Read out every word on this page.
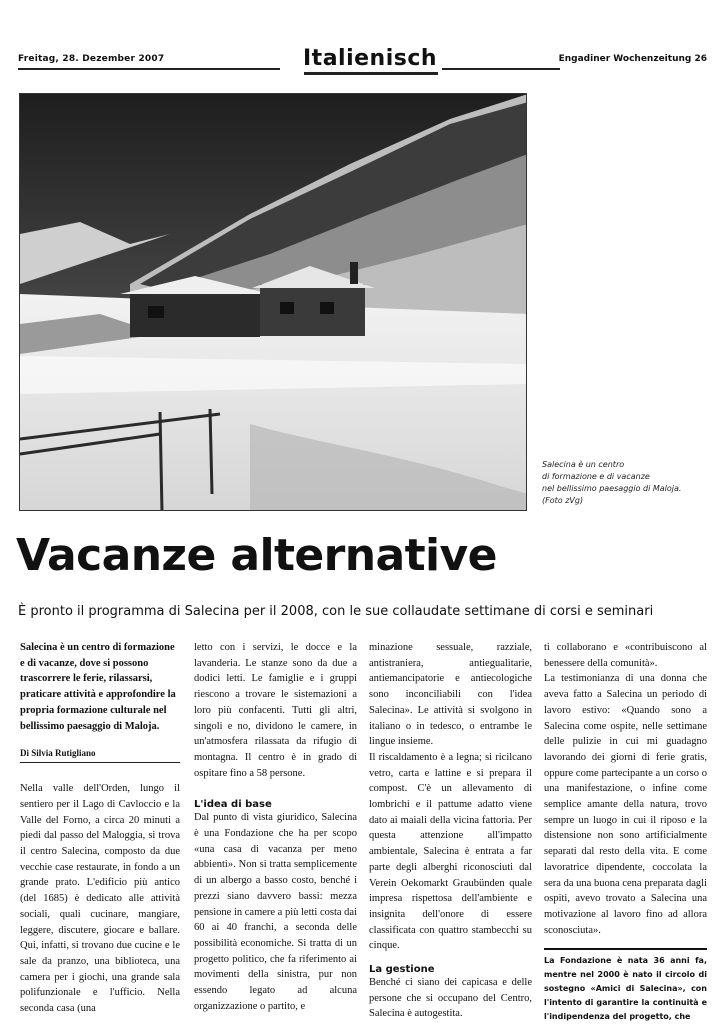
Freitag, 28. Dezember 2007	Italienisch	Engadiner Wochenzeitung 26
Salecina è un centro
di formazione e di vacanze
nel bellissimo paesaggio di Maloja.
(Foto zVg)
Vacanze alternative
È pronto il programma di Salecina per il 2008, con le sue collaudate settimane di corsi e seminari

Salecina è un centro di formazione e di vacanze, dove si possono trascorrere le ferie, rilassarsi, praticare attività e approfondire la propria formazione culturale nel bellissimo paesaggio di Maloja.

Di Silvia Rutigliano

Nella valle dell'Orden, lungo il sentiero per il Lago di Cavloccio e la Valle del Forno, a circa 20 minuti a piedi dal passo del Maloggia, si trova il centro Salecina, composto da due vecchie case restaurate, in fondo a un grande prato. L'edificio più antico (del 1685) è dedicato alle attività sociali, quali cucinare, mangiare, leggere, discutere, giocare e ballare. Qui, infatti, si trovano due cucine e le sale da pranzo, una biblioteca, una camera per i giochi, una grande sala polifunzionale e l'ufficio. Nella seconda casa (una

letto con i servizi, le docce e la lavanderia. Le stanze sono da due a dodici letti. Le famiglie e i gruppi riescono a trovare le sistemazioni a loro più confacenti. Tutti gli altri, singoli e no, dividono le camere, in un'atmosfera rilassata da rifugio di montagna. Il centro è in grado di ospitare fino a 58 persone.

L'idea di base

Dal punto di vista giuridico, Salecina è una Fondazione che ha per scopo «una casa di vacanza per meno abbienti». Non si tratta semplicemente di un albergo a basso costo, benché i prezzi siano davvero bassi: mezza pensione in camere a più letti costa dai 60 ai 40 franchi, a seconda delle possibilità economiche. Si tratta di un progetto politico, che fa riferimento ai movimenti della sinistra, pur non essendo legato ad alcuna organizzazione o partito, e

minazione sessuale, razziale, antistraniera, antiegualitarie, antiemancipatorie e antiecologiche sono inconciliabili con l'idea Salecina». Le attività si svolgono in italiano o in tedesco, o entrambe le lingue insieme.
Il riscaldamento è a legna; si ricilcano vetro, carta e lattine e si prepara il compost. C'è un allevamento di lombrichi e il pattume adatto viene dato ai maiali della vicina fattoria. Per questa attenzione all'impatto ambientale, Salecina è entrata a far parte degli alberghi riconosciuti dal Verein Oekomarkt Graubünden quale impresa rispettosa dell'ambiente e insignita dell'onore di essere classificata con quattro stambecchi su cinque.

La gestione

Benché ci siano dei capicasa e delle persone che si occupano del Centro, Salecina è autogestita.

ti collaborano e «contribuiscono al benessere della comunità».
La testimonianza di una donna che aveva fatto a Salecina un periodo di lavoro estivo: «Quando sono a Salecina come ospite, nelle settimane delle pulizie in cui mi guadagno lavorando dei giorni di ferie gratis, oppure come partecipante a un corso o una manifestazione, o infine come semplice amante della natura, trovo sempre un luogo in cui il riposo e la distensione non sono artificialmente separati dal resto della vita. E come lavoratrice dipendente, coccolata la sera da una buona cena preparata dagli ospiti, avevo trovato a Salecina una motivazione al lavoro fino ad allora sconosciuta».

La Fondazione è nata 36 anni fa, mentre nel 2000 è nato il circolo di sostegno «Amici di Salecina», con l'intento di garantire la continuità e l'indipendenza del progetto, che
